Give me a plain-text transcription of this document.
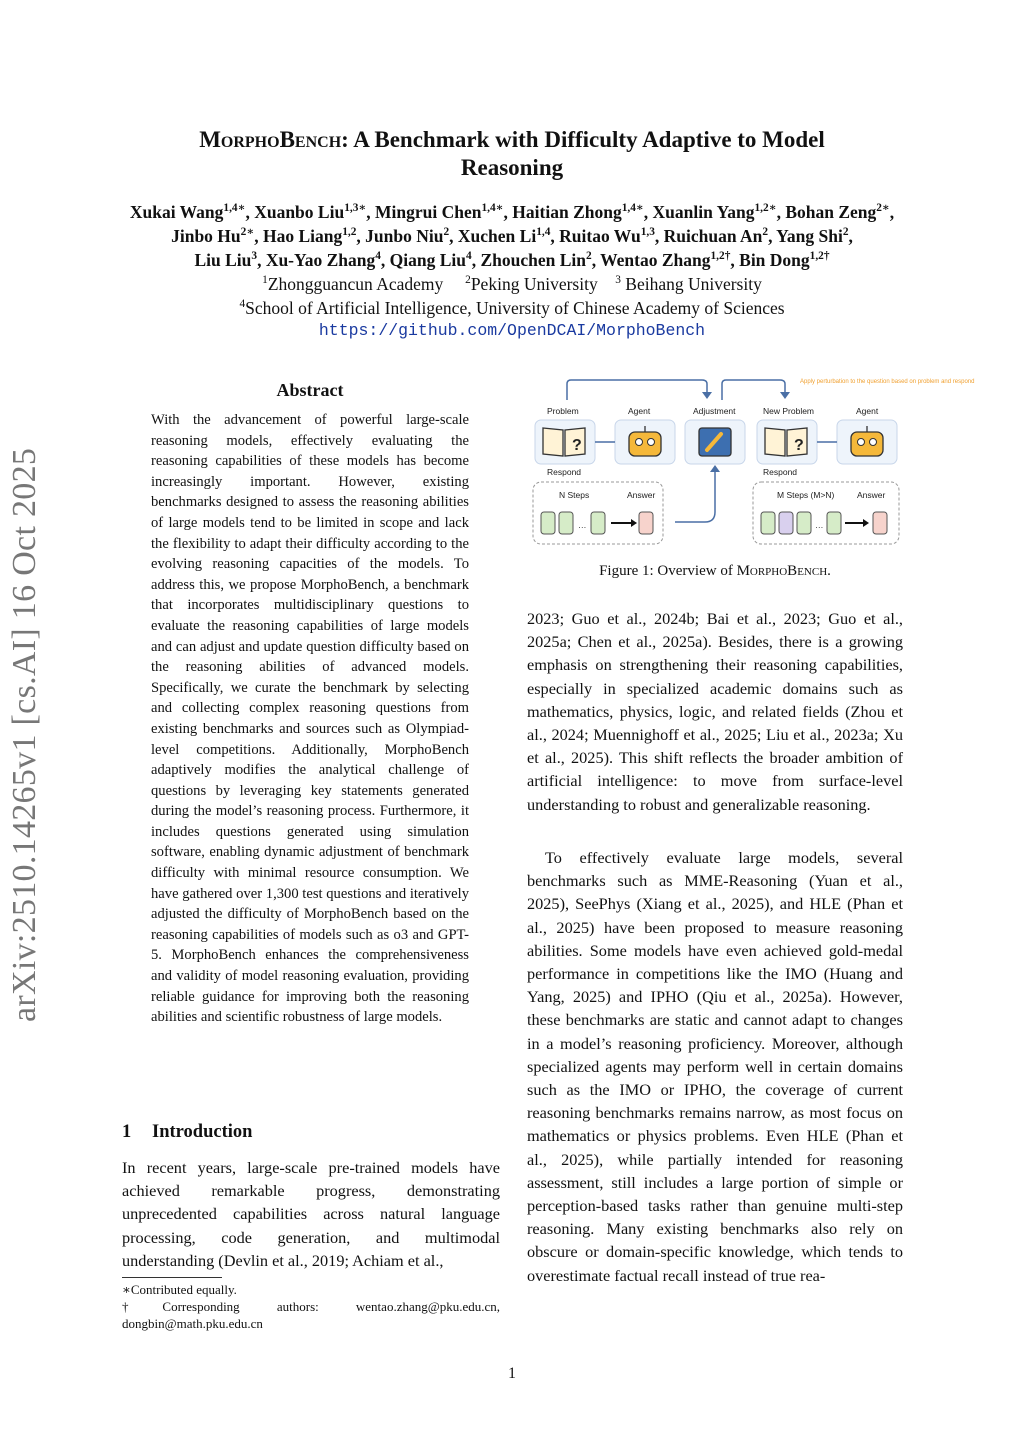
arXiv:2510.14265v1 [cs.AI] 16 Oct 2025
MorphoBench: A Benchmark with Difficulty Adaptive to Model
Reasoning
Xukai Wang$^{1,4∗}$, Xuanbo Liu$^{1,3∗}$, Mingrui Chen$^{1,4∗}$, Haitian Zhong$^{1,4∗}$, Xuanlin Yang$^{1,2∗}$, Bohan Zeng$^{2∗}$,
Jinbo $Hu^{2∗}$, Hao Liang$^{1,2}$, Junbo Niu$^2$, Xuchen Li$^{1,4}$, Ruitao Wu$^{1,3}$, Ruichuan An$^2$, Yang Shi$^2$,
Liu Liu$^3$, Xu-Yao Zhang$^4$, Qiang Liu$^4$, Zhouchen Lin$^2$, Wentao Zhang$^{1,2\dagger}$, Bin Dong$^{1,2\dagger}$
$^1$Zhongguancun Academy     $^2$Peking University    $^3$ Beihang University
$^4$School of Artificial Intelligence, University of Chinese Academy of Sciences
https://github.com/OpenDCAI/MorphoBench
Abstract
With the advancement of powerful large-scale reasoning models, effectively evaluating the reasoning capabilities of these models has become increasingly important. However, existing benchmarks designed to assess the reasoning abilities of large models tend to be limited in scope and lack the flexibility to adapt their difficulty according to the evolving reasoning capacities of the models. To address this, we propose MorphoBench, a benchmark that incorporates multidisciplinary questions to evaluate the reasoning capabilities of large models and can adjust and update question difficulty based on the reasoning abilities of advanced models. Specifically, we curate the benchmark by selecting and collecting complex reasoning questions from existing benchmarks and sources such as Olympiad-level competitions. Additionally, MorphoBench adaptively modifies the analytical challenge of questions by leveraging key statements generated during the model’s reasoning process. Furthermore, it includes questions generated using simulation software, enabling dynamic adjustment of benchmark difficulty with minimal resource consumption. We have gathered over 1,300 test questions and iteratively adjusted the difficulty of MorphoBench based on the reasoning capabilities of models such as o3 and GPT-5. MorphoBench enhances the comprehensiveness and validity of model reasoning evaluation, providing reliable guidance for improving both the reasoning abilities and scientific robustness of large models.
1 Introduction
In recent years, large-scale pre-trained models have achieved remarkable progress, demonstrating unprecedented capabilities across natural language processing, code generation, and multimodal understanding (Devlin et al., 2019; Achiam et al.,

∗Contributed equally.

†Corresponding authors: wentao.zhang@pku.edu.cn, dongbin@math.pku.edu.cn

Apply perturbation to the question based on problem and respond
Problem	Agent	Adjustment	New Problem	Agent
?	?
Respond	Respond
N Steps	Answer
…
M Steps (M>N)	Answer
…
Figure 1: Overview of MorphoBench.
2023; Guo et al., 2024b; Bai et al., 2023; Guo et al., 2025a; Chen et al., 2025a). Besides, there is a growing emphasis on strengthening their reasoning capabilities, especially in specialized academic domains such as mathematics, physics, logic, and related fields (Zhou et al., 2024; Muennighoff et al., 2025; Liu et al., 2023a; Xu et al., 2025). This shift reflects the broader ambition of artificial intelligence: to move from surface-level understanding to robust and generalizable reasoning.
To effectively evaluate large models, several benchmarks such as MME-Reasoning (Yuan et al., 2025), SeePhys (Xiang et al., 2025), and HLE (Phan et al., 2025) have been proposed to measure reasoning abilities. Some models have even achieved gold-medal performance in competitions like the IMO (Huang and Yang, 2025) and IPHO (Qiu et al., 2025a). However, these benchmarks are static and cannot adapt to changes in a model’s reasoning proficiency. Moreover, although specialized agents may perform well in certain domains such as the IMO or IPHO, the coverage of current reasoning benchmarks remains narrow, as most focus on mathematics or physics problems. Even HLE (Phan et al., 2025), while partially intended for reasoning assessment, still includes a large portion of simple or perception-based tasks rather than genuine multi-step reasoning. Many existing benchmarks also rely on obscure or domain-specific knowledge, which tends to overestimate factual recall instead of true rea-
1
